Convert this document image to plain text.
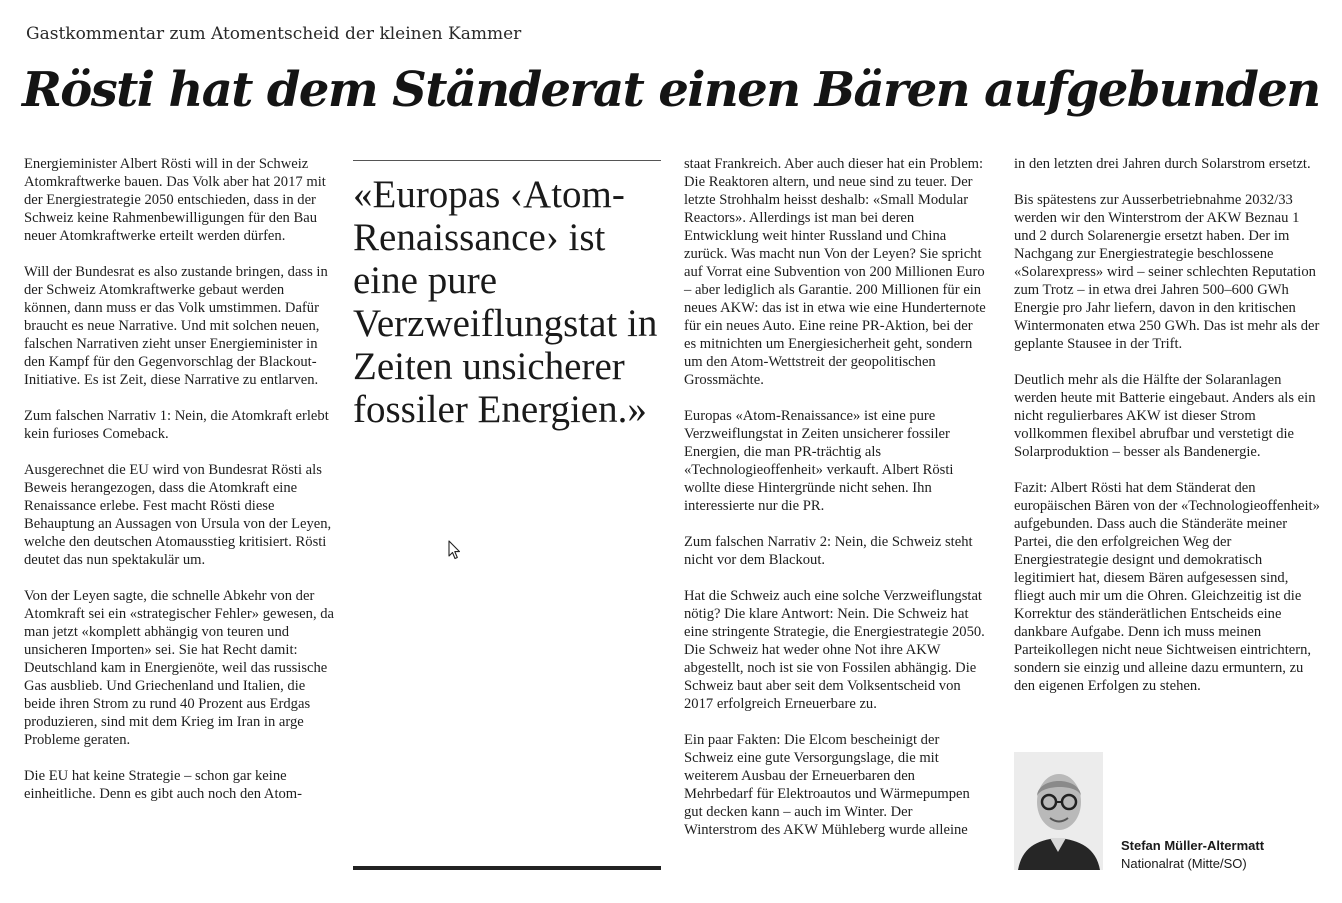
Gastkommentar zum Atomentscheid der kleinen Kammer
Rösti hat dem Ständerat einen Bären aufgebunden

Energieminister Albert Rösti will in der Schweiz Atomkraftwerke bauen. Das Volk aber hat 2017 mit der Energiestrategie 2050 entschieden, dass in der Schweiz keine Rahmenbewilligungen für den Bau neuer Atomkraftwerke erteilt werden dürfen.

Will der Bundesrat es also zustande bringen, dass in der Schweiz Atomkraftwerke gebaut werden können, dann muss er das Volk umstimmen. Dafür braucht es neue Narrative. Und mit solchen neuen, falschen Narrativen zieht unser Energieminister in den Kampf für den Gegenvorschlag der Blackout-Initiative. Es ist Zeit, diese Narrative zu entlarven.

Zum falschen Narrativ 1: Nein, die Atomkraft erlebt kein furioses Comeback.

Ausgerechnet die EU wird von Bundesrat Rösti als Beweis herangezogen, dass die Atomkraft eine Renaissance erlebe. Fest macht Rösti diese Behauptung an Aussagen von Ursula von der Leyen, welche den deutschen Atomausstieg kritisiert. Rösti deutet das nun spektakulär um.

Von der Leyen sagte, die schnelle Abkehr von der Atomkraft sei ein «strategischer Fehler» gewesen, da man jetzt «komplett abhängig von teuren und unsicheren Importen» sei. Sie hat Recht damit: Deutschland kam in Energienöte, weil das russische Gas ausblieb. Und Griechenland und Italien, die beide ihren Strom zu rund 40 Prozent aus Erdgas produzieren, sind mit dem Krieg im Iran in arge Probleme geraten.

Die EU hat keine Strategie – schon gar keine einheitliche. Denn es gibt auch noch den Atom-

«Europas ‹Atom-Renaissance› ist eine pure Verzweiflungstat in Zeiten unsicherer fossiler Energien.»

staat Frankreich. Aber auch dieser hat ein Problem: Die Reaktoren altern, und neue sind zu teuer. Der letzte Strohhalm heisst deshalb: «Small Modular Reactors». Allerdings ist man bei deren Entwicklung weit hinter Russland und China zurück. Was macht nun Von der Leyen? Sie spricht auf Vorrat eine Subvention von 200 Millionen Euro – aber lediglich als Garantie. 200 Millionen für ein neues AKW: das ist in etwa wie eine Hunderternote für ein neues Auto. Eine reine PR-Aktion, bei der es mitnichten um Energiesicherheit geht, sondern um den Atom-Wettstreit der geopolitischen Grossmächte.

Europas «Atom-Renaissance» ist eine pure Verzweiflungstat in Zeiten unsicherer fossiler Energien, die man PR-trächtig als «Technologieoffenheit» verkauft. Albert Rösti wollte diese Hintergründe nicht sehen. Ihn interessierte nur die PR.

Zum falschen Narrativ 2: Nein, die Schweiz steht nicht vor dem Blackout.

Hat die Schweiz auch eine solche Verzweiflungstat nötig? Die klare Antwort: Nein. Die Schweiz hat eine stringente Strategie, die Energiestrategie 2050. Die Schweiz hat weder ohne Not ihre AKW abgestellt, noch ist sie von Fossilen abhängig. Die Schweiz baut aber seit dem Volksentscheid von 2017 erfolgreich Erneuerbare zu.

Ein paar Fakten: Die Elcom bescheinigt der Schweiz eine gute Versorgungslage, die mit weiterem Ausbau der Erneuerbaren den Mehrbedarf für Elektroautos und Wärmepumpen gut decken kann – auch im Winter. Der Winterstrom des AKW Mühleberg wurde alleine

in den letzten drei Jahren durch Solarstrom ersetzt.

Bis spätestens zur Ausserbetriebnahme 2032/33 werden wir den Winterstrom der AKW Beznau 1 und 2 durch Solarenergie ersetzt haben. Der im Nachgang zur Energiestrategie beschlossene «Solarexpress» wird – seiner schlechten Reputation zum Trotz – in etwa drei Jahren 500–600 GWh Energie pro Jahr liefern, davon in den kritischen Wintermonaten etwa 250 GWh. Das ist mehr als der geplante Stausee in der Trift.

Deutlich mehr als die Hälfte der Solaranlagen werden heute mit Batterie eingebaut. Anders als ein nicht regulierbares AKW ist dieser Strom vollkommen flexibel abrufbar und verstetigt die Solarproduktion – besser als Bandenergie.

Fazit: Albert Rösti hat dem Ständerat den europäischen Bären von der «Technologieoffenheit» aufgebunden. Dass auch die Ständeräte meiner Partei, die den erfolgreichen Weg der Energiestrategie designt und demokratisch legitimiert hat, diesem Bären aufgesessen sind, fliegt auch mir um die Ohren. Gleichzeitig ist die Korrektur des ständerätlichen Entscheids eine dankbare Aufgabe. Denn ich muss meinen Parteikollegen nicht neue Sichtweisen eintrichtern, sondern sie einzig und alleine dazu ermuntern, zu den eigenen Erfolgen zu stehen.

Stefan Müller-Altermatt
Nationalrat (Mitte/SO)
